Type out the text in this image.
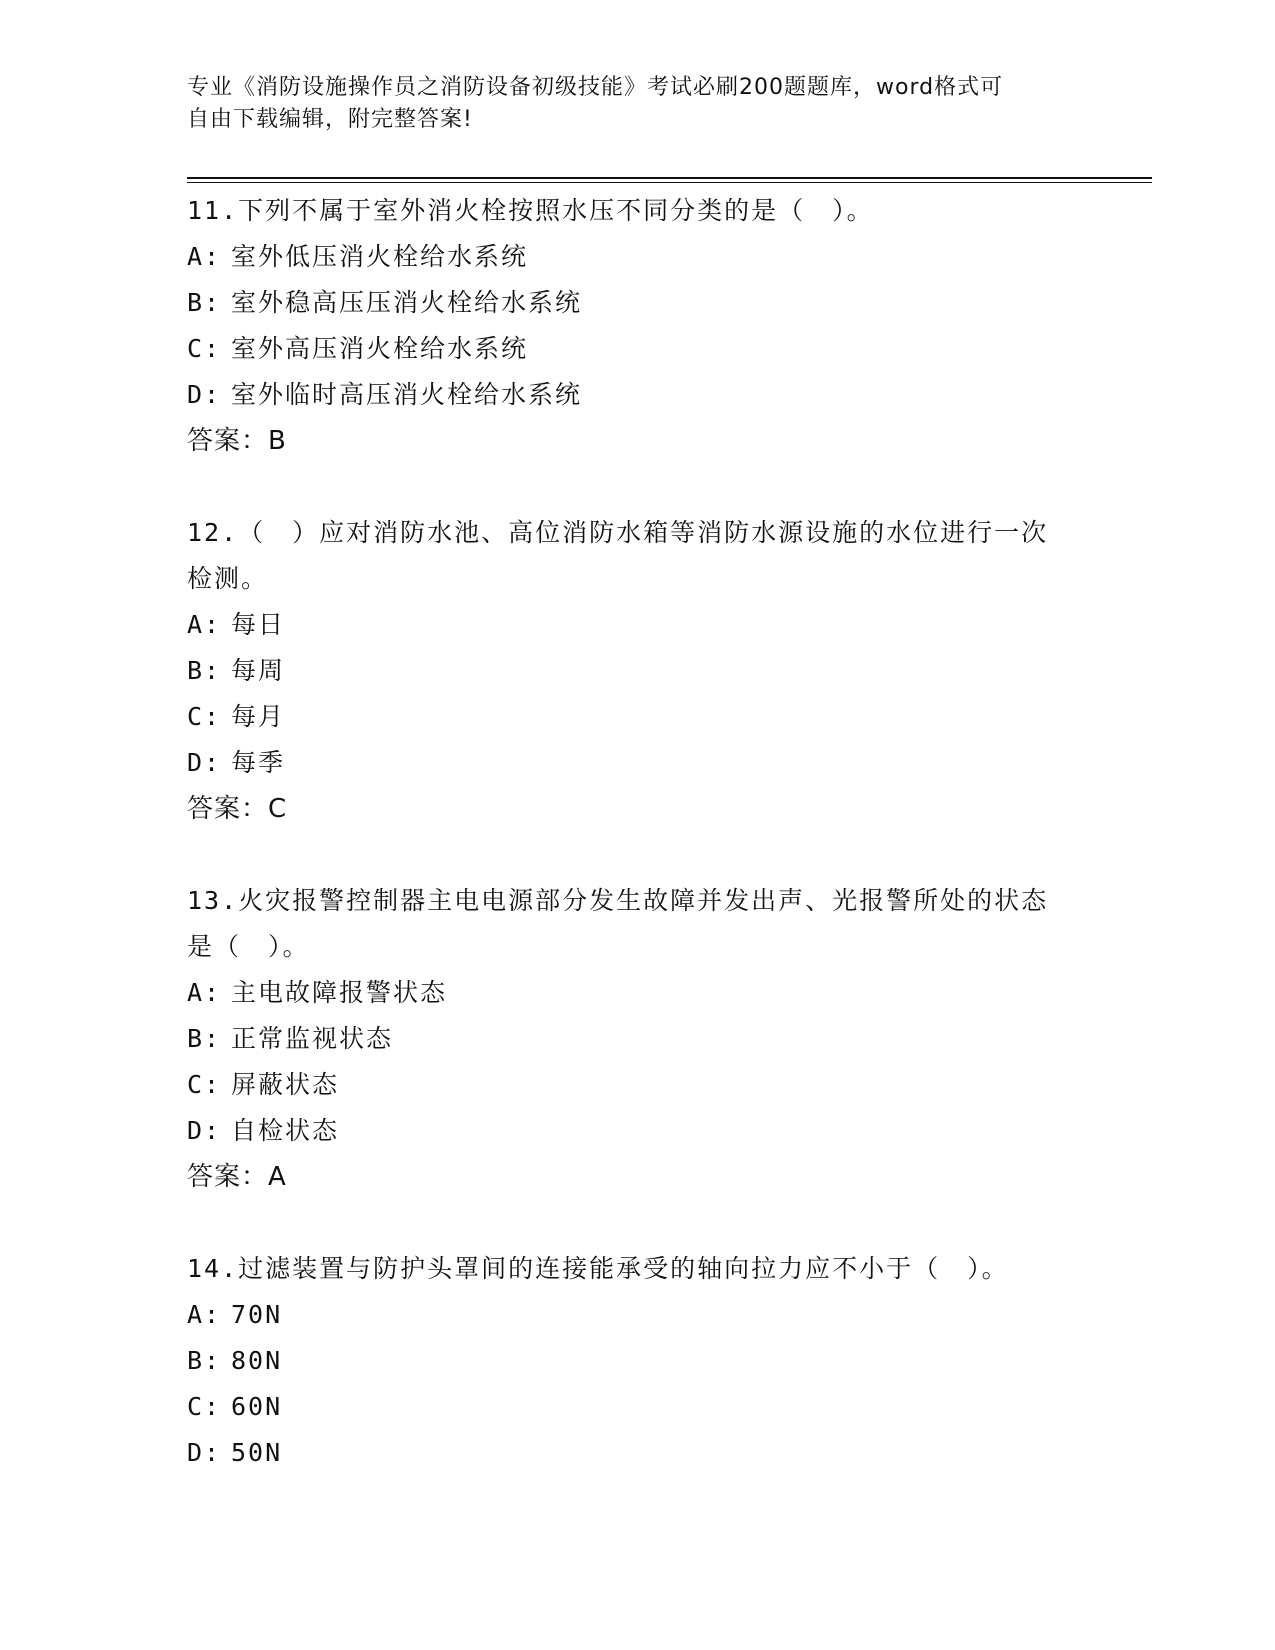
专业《消防设施操作员之消防设备初级技能》考试必刷200题题库，word格式可
自由下载编辑，附完整答案!

11.下列不属于室外消火栓按照水压不同分类的是（　）。

A: 室外低压消火栓给水系统

B: 室外稳高压压消火栓给水系统

C: 室外高压消火栓给水系统

D: 室外临时高压消火栓给水系统

答案：B

12.（　）应对消防水池、高位消防水箱等消防水源设施的水位进行一次检测。

A: 每日

B: 每周

C: 每月

D: 每季

答案：C

13.火灾报警控制器主电电源部分发生故障并发出声、光报警所处的状态是（　）。

A: 主电故障报警状态

B: 正常监视状态

C: 屏蔽状态

D: 自检状态

答案：A

14.过滤装置与防护头罩间的连接能承受的轴向拉力应不小于（　）。

A: 70N

B: 80N

C: 60N

D: 50N
